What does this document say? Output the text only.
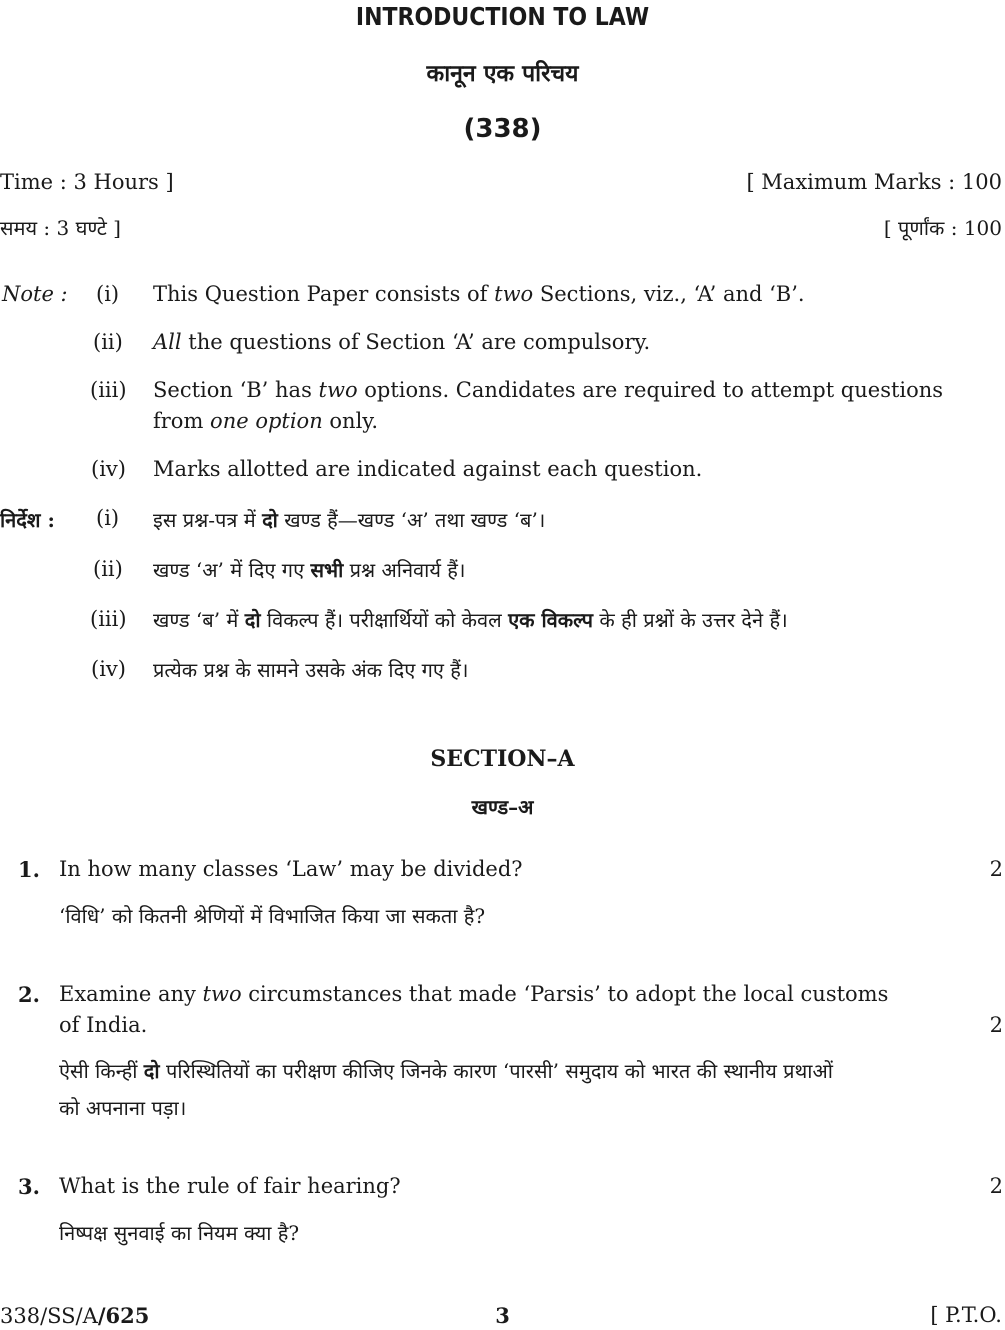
INTRODUCTION TO LAW
कानून एक परिचय
(338)
Time : 3 Hours ]	[ Maximum Marks : 100
समय : 3 घण्टे ]	[ पूर्णांक : 100
Note : (i) This Question Paper consists of two Sections, viz., ‘A’ and ‘B’.
(ii) All the questions of Section ‘A’ are compulsory.
(iii) Section ‘B’ has two options. Candidates are required to attempt questions
from one option only.
(iv) Marks allotted are indicated against each question.
निर्देश : (i) इस प्रश्न-पत्र में दो खण्ड हैं—खण्ड ‘अ’ तथा खण्ड ‘ब’।
(ii) खण्ड ‘अ’ में दिए गए सभी प्रश्न अनिवार्य हैं।
(iii) खण्ड ‘ब’ में दो विकल्प हैं। परीक्षार्थियों को केवल एक विकल्प के ही प्रश्नों के उत्तर देने हैं।
(iv) प्रत्येक प्रश्न के सामने उसके अंक दिए गए हैं।
SECTION–A
खण्ड–अ
1. In how many classes ‘Law’ may be divided?	2
‘विधि’ को कितनी श्रेणियों में विभाजित किया जा सकता है?
2. Examine any two circumstances that made ‘Parsis’ to adopt the local customs
of India.	2
ऐसी किन्हीं दो परिस्थितियों का परीक्षण कीजिए जिनके कारण ‘पारसी’ समुदाय को भारत की स्थानीय प्रथाओं
को अपनाना पड़ा।
3. What is the rule of fair hearing?	2
निष्पक्ष सुनवाई का नियम क्या है?
338/SS/A/625	3	[ P.T.O.
